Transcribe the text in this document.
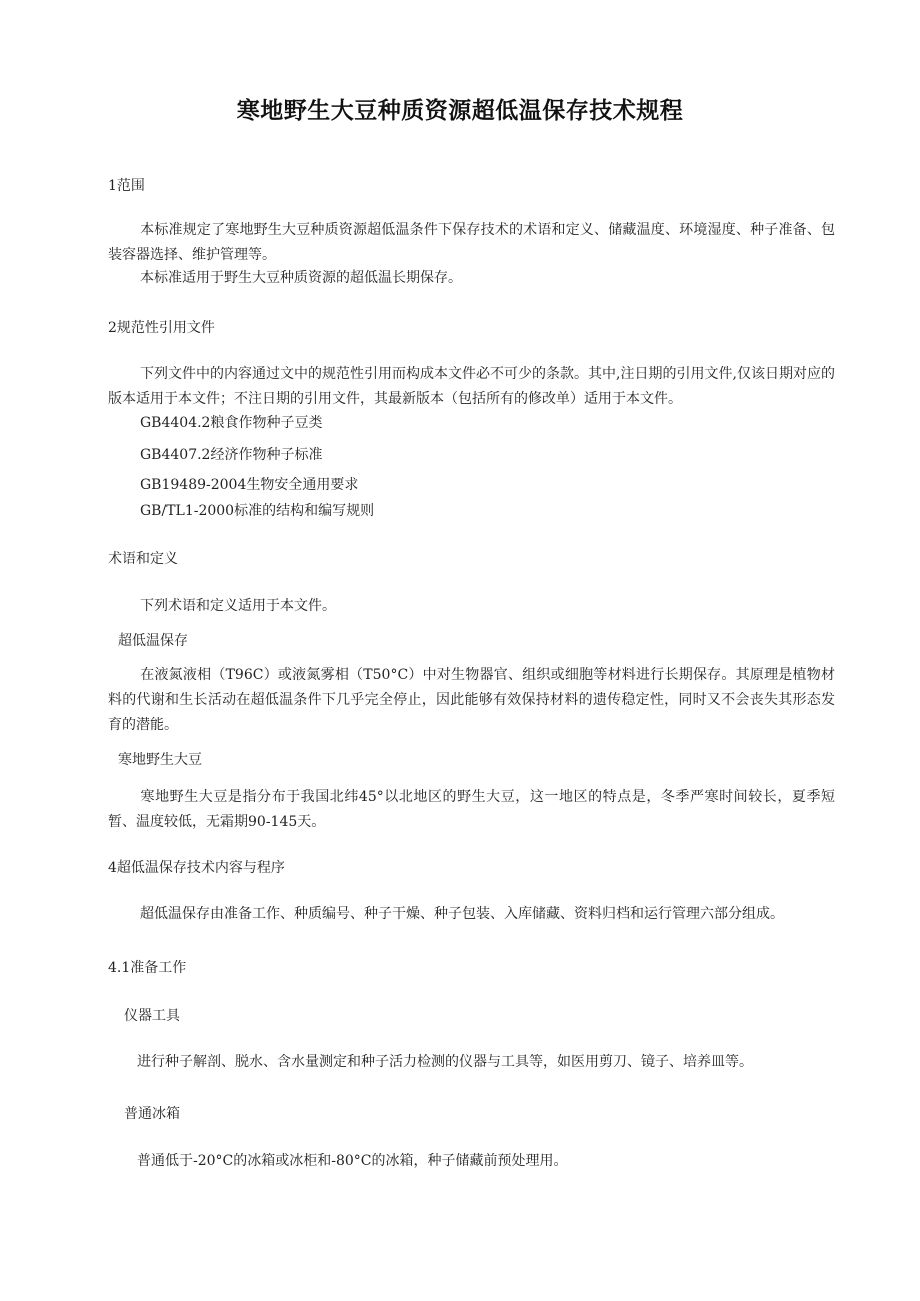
寒地野生大豆种质资源超低温保存技术规程
1范围
本标准规定了寒地野生大豆种质资源超低温条件下保存技术的术语和定义、储藏温度、环境湿度、种子准备、包装容器选择、维护管理等。
本标准适用于野生大豆种质资源的超低温长期保存。
2规范性引用文件
下列文件中的内容通过文中的规范性引用而构成本文件必不可少的条款。其中,注日期的引用文件,仅该日期对应的版本适用于本文件；不注日期的引用文件，其最新版本（包括所有的修改单）适用于本文件。
GB4404.2粮食作物种子豆类
GB4407.2经济作物种子标准
GB19489-2004生物安全通用要求
GB/TL1-2000标准的结构和编写规则
术语和定义
下列术语和定义适用于本文件。
超低温保存
在液氮液相（T96C）或液氮雾相（T50°C）中对生物器官、组织或细胞等材料进行长期保存。其原理是植物材料的代谢和生长活动在超低温条件下几乎完全停止，因此能够有效保持材料的遗传稳定性，同时又不会丧失其形态发育的潜能。
寒地野生大豆
寒地野生大豆是指分布于我国北纬45°以北地区的野生大豆，这一地区的特点是，冬季严寒时间较长，夏季短暂、温度较低，无霜期90-145天。
4超低温保存技术内容与程序
超低温保存由准备工作、种质编号、种子干燥、种子包装、入库储藏、资料归档和运行管理六部分组成。
4.1准备工作
仪器工具
进行种子解剖、脱水、含水量测定和种子活力检测的仪器与工具等，如医用剪刀、镜子、培养皿等。
普通冰箱
普通低于-20°C的冰箱或冰柜和-80°C的冰箱，种子储藏前预处理用。
